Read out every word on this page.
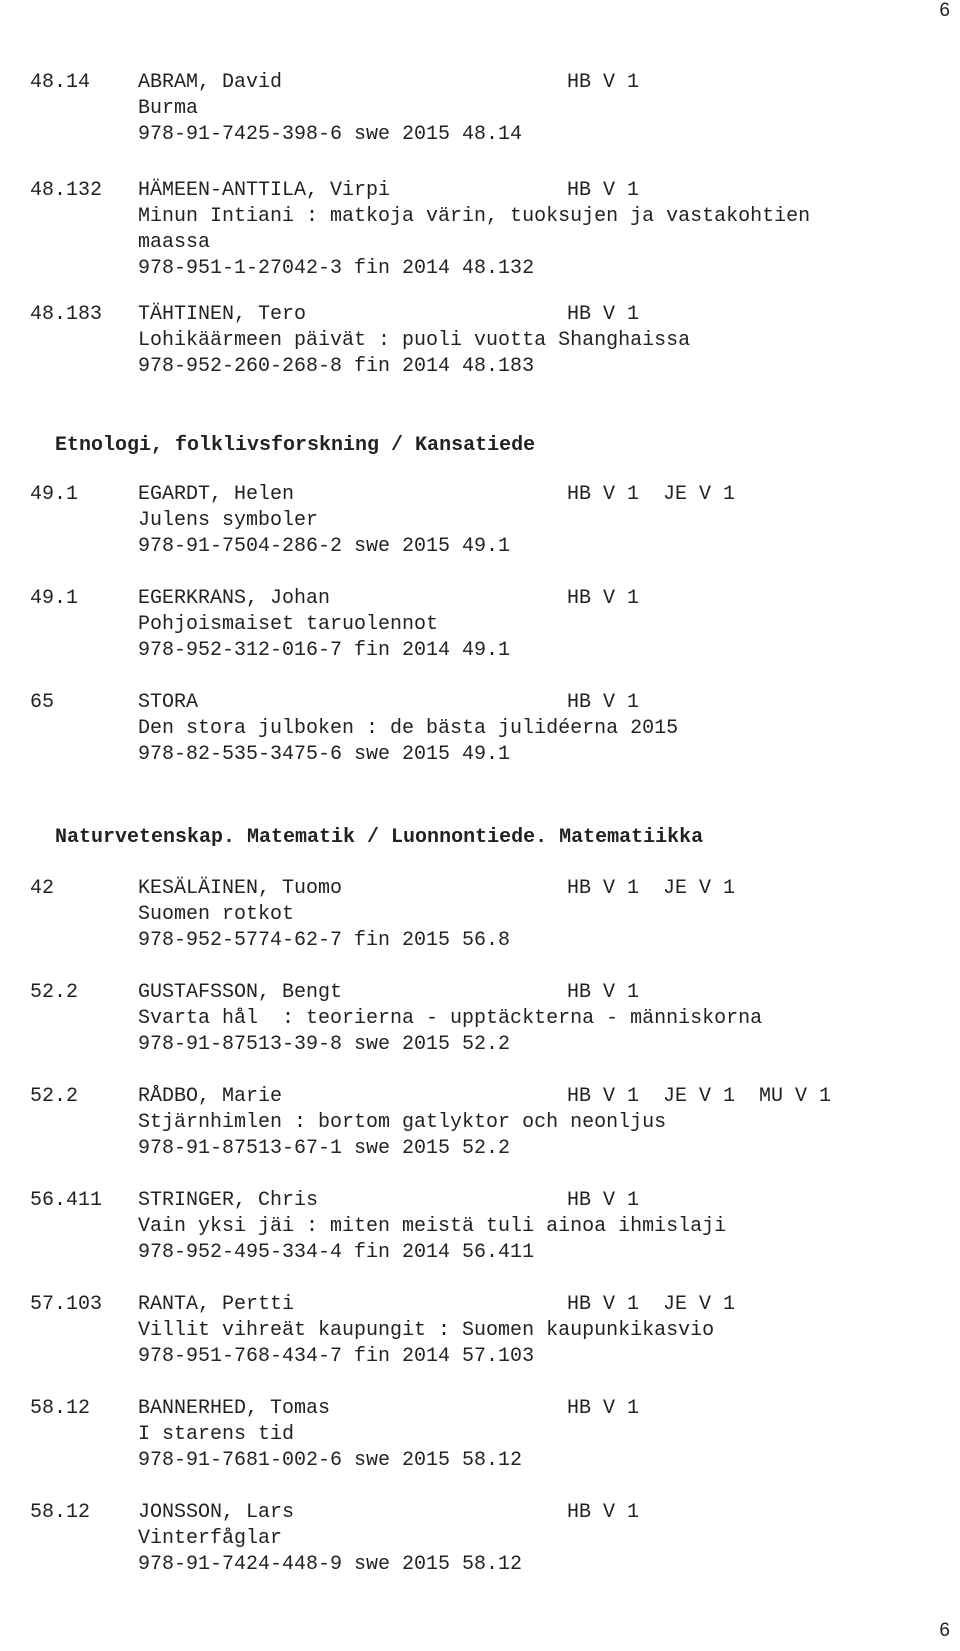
6
48.14 ABRAM, David	HB V 1
Burma
978-91-7425-398-6 swe 2015 48.14
48.132 HÄMEEN-ANTTILA, Virpi	HB V 1
Minun Intiani : matkoja värin, tuoksujen ja vastakohtien
maassa
978-951-1-27042-3 fin 2014 48.132
48.183 TÄHTINEN, Tero	HB V 1
Lohikäärmeen päivät : puoli vuotta Shanghaissa
978-952-260-268-8 fin 2014 48.183
Etnologi, folklivsforskning / Kansatiede
49.1	EGARDT, Helen	HB V 1  JE V 1
Julens symboler
978-91-7504-286-2 swe 2015 49.1
49.1	EGERKRANS, Johan	HB V 1
Pohjoismaiset taruolennot
978-952-312-016-7 fin 2014 49.1
65	STORA	HB V 1
Den stora julboken : de bästa julidéerna 2015
978-82-535-3475-6 swe 2015 49.1
Naturvetenskap. Matematik / Luonnontiede. Matematiikka
42	KESÄLÄINEN, Tuomo	HB V 1  JE V 1
Suomen rotkot
978-952-5774-62-7 fin 2015 56.8
52.2	GUSTAFSSON, Bengt	HB V 1
Svarta hål  : teorierna - upptäckterna - människorna
978-91-87513-39-8 swe 2015 52.2
52.2	RÅDBO, Marie	HB V 1  JE V 1  MU V 1
Stjärnhimlen : bortom gatlyktor och neonljus
978-91-87513-67-1 swe 2015 52.2
56.411 STRINGER, Chris	HB V 1
Vain yksi jäi : miten meistä tuli ainoa ihmislaji
978-952-495-334-4 fin 2014 56.411
57.103 RANTA, Pertti	HB V 1  JE V 1
Villit vihreät kaupungit : Suomen kaupunkikasvio
978-951-768-434-7 fin 2014 57.103
58.12 BANNERHED, Tomas	HB V 1
I starens tid
978-91-7681-002-6 swe 2015 58.12
58.12 JONSSON, Lars	HB V 1
Vinterfåglar
978-91-7424-448-9 swe 2015 58.12
6
